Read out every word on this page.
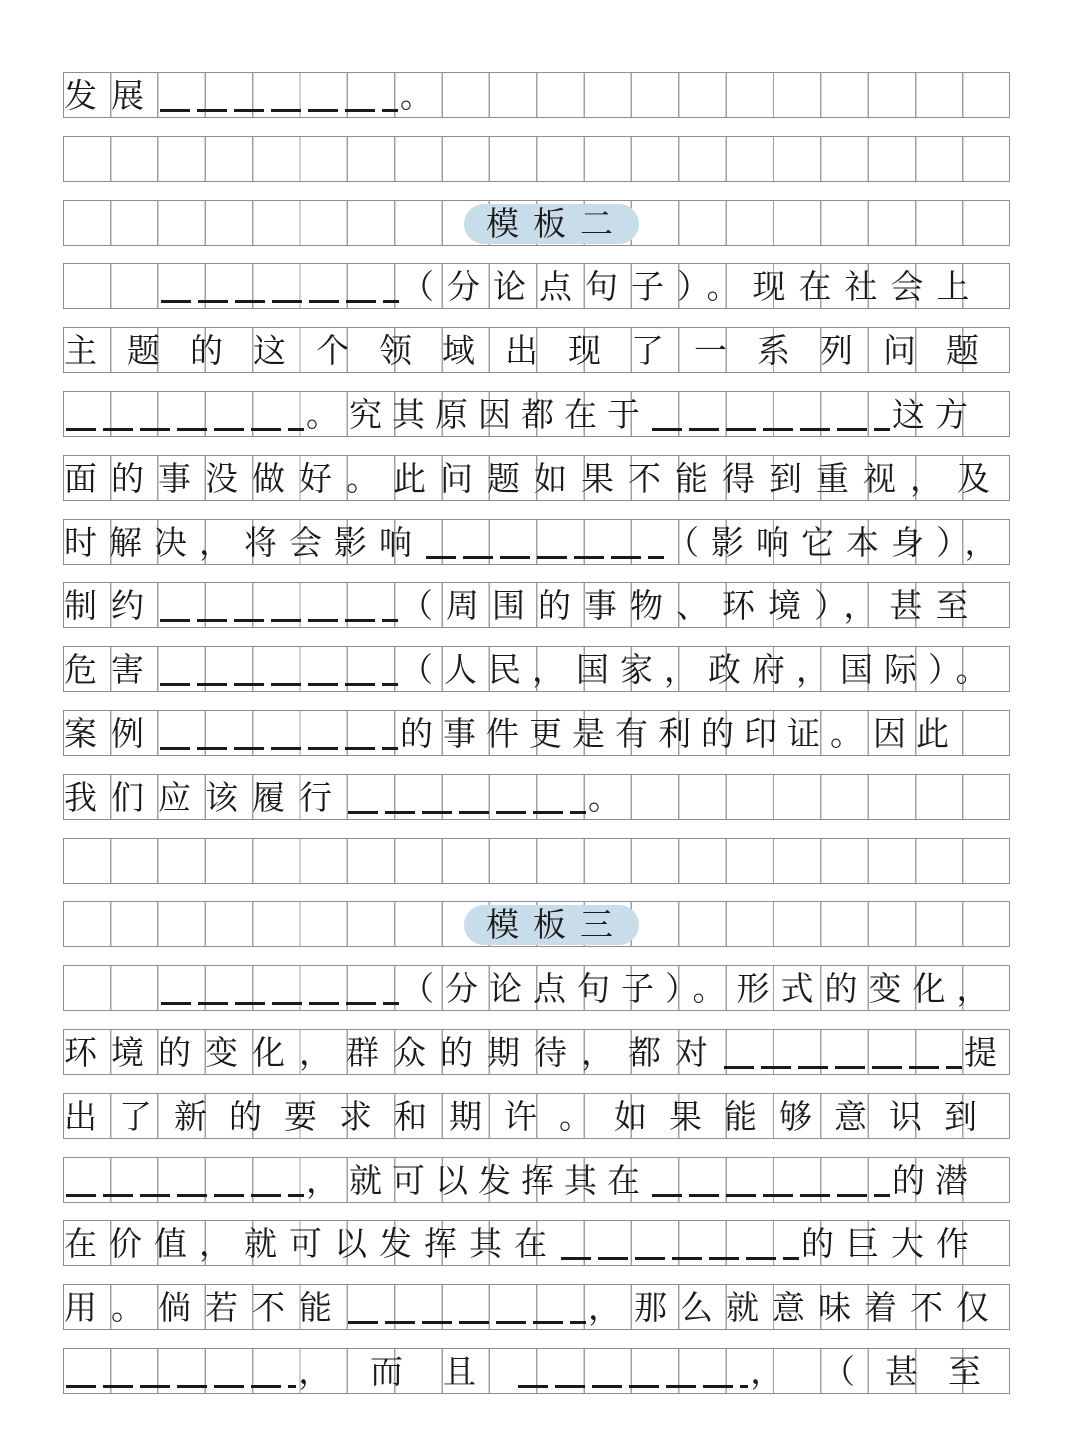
发展	。
模板二
（分论点句子）。现在社会上
主题的这个领域出现了一系列问题
。究其原因都在于	这方
面的事没做好。此问题如果不能得到重视，及
时解决，将会影响	（影响它本身），
制约	（周围的事物、环境），甚至
危害	（人民，国家，政府，国际）。
案例	的事件更是有利的印证。因此
我们应该履行	。
模板三
（分论点句子）。形式的变化，
环境的变化，群众的期待，都对	提
出了新的要求和期许。如果能够意识到
，就可以发挥其在	的潜
在价值，就可以发挥其在	的巨大作
用。倘若不能	，那么就意味着不仅
， 而且	， （甚至
